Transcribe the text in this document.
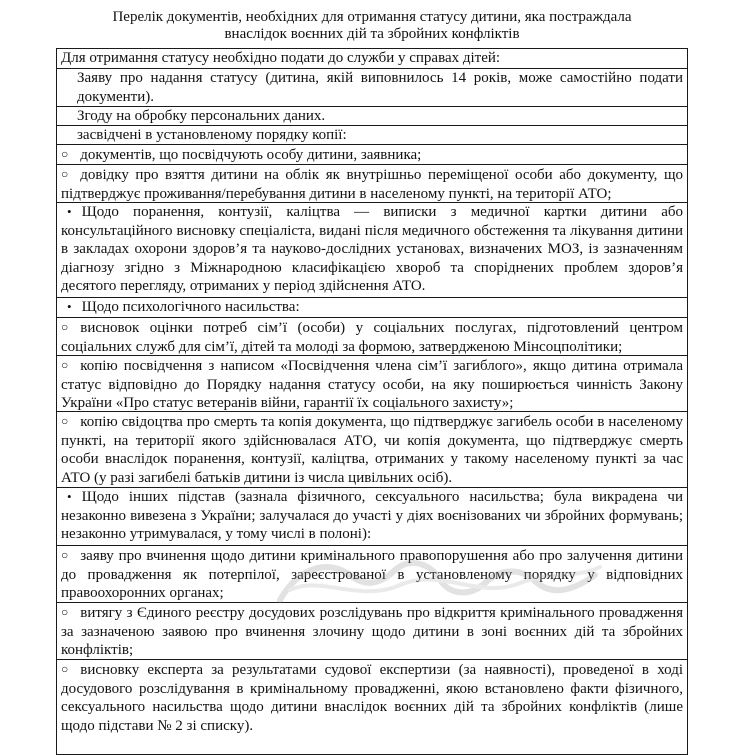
Перелік документів, необхідних для отримання статусу дитини, яка постраждала
внаслідок воєнних дій та збройних конфліктів
Для отримання статусу необхідно подати до служби у справах дітей:
Заяву про надання статусу (дитина, якій виповнилось 14 років, може самостійно подати документи).
Згоду на обробку персональних даних.
засвідчені в установленому порядку копії:
○ документів, що посвідчують особу дитини, заявника;
○ довідку про взяття дитини на облік як внутрішньо переміщеної особи або документу, що підтверджує проживання/перебування дитини в населеному пункті, на території АТО;
• Щодо поранення, контузії, каліцтва — виписки з медичної картки дитини або консультаційного висновку спеціаліста, видані після медичного обстеження та лікування дитини в закладах охорони здоров’я та науково-дослідних установах, визначених МОЗ, із зазначенням діагнозу згідно з Міжнародною класифікацією хвороб та споріднених проблем здоров’я десятого перегляду, отриманих у період здійснення АТО.
• Щодо психологічного насильства:
○ висновок оцінки потреб сім’ї (особи) у соціальних послугах, підготовлений центром соціальних служб для сім’ї, дітей та молоді за формою, затвердженою Мінсоцполітики;
○ копію посвідчення з написом «Посвідчення члена сім’ї загиблого», якщо дитина отримала статус відповідно до Порядку надання статусу особи, на яку поширюється чинність Закону України «Про статус ветеранів війни, гарантії їх соціального захисту»;
○ копію свідоцтва про смерть та копія документа, що підтверджує загибель особи в населеному пункті, на території якого здійснювалася АТО, чи копія документа, що підтверджує смерть особи внаслідок поранення, контузії, каліцтва, отриманих у такому населеному пункті за час АТО (у разі загибелі батьків дитини із числа цивільних осіб).
• Щодо інших підстав (зазнала фізичного, сексуального насильства; була викрадена чи незаконно вивезена з України; залучалася до участі у діях воєнізованих чи збройних формувань; незаконно утримувалася, у тому числі в полоні):
○ заяву про вчинення щодо дитини кримінального правопорушення або про залучення дитини до провадження як потерпілої, зареєстрованої в установленому порядку у відповідних правоохоронних органах;
○ витягу з Єдиного реєстру досудових розслідувань про відкриття кримінального провадження за зазначеною заявою про вчинення злочину щодо дитини в зоні воєнних дій та збройних конфліктів;
○ висновку експерта за результатами судової експертизи (за наявності), проведеної в ході досудового розслідування в кримінальному провадженні, якою встановлено факти фізичного, сексуального насильства щодо дитини внаслідок воєнних дій та збройних конфліктів (лише щодо підстави № 2 зі списку).
